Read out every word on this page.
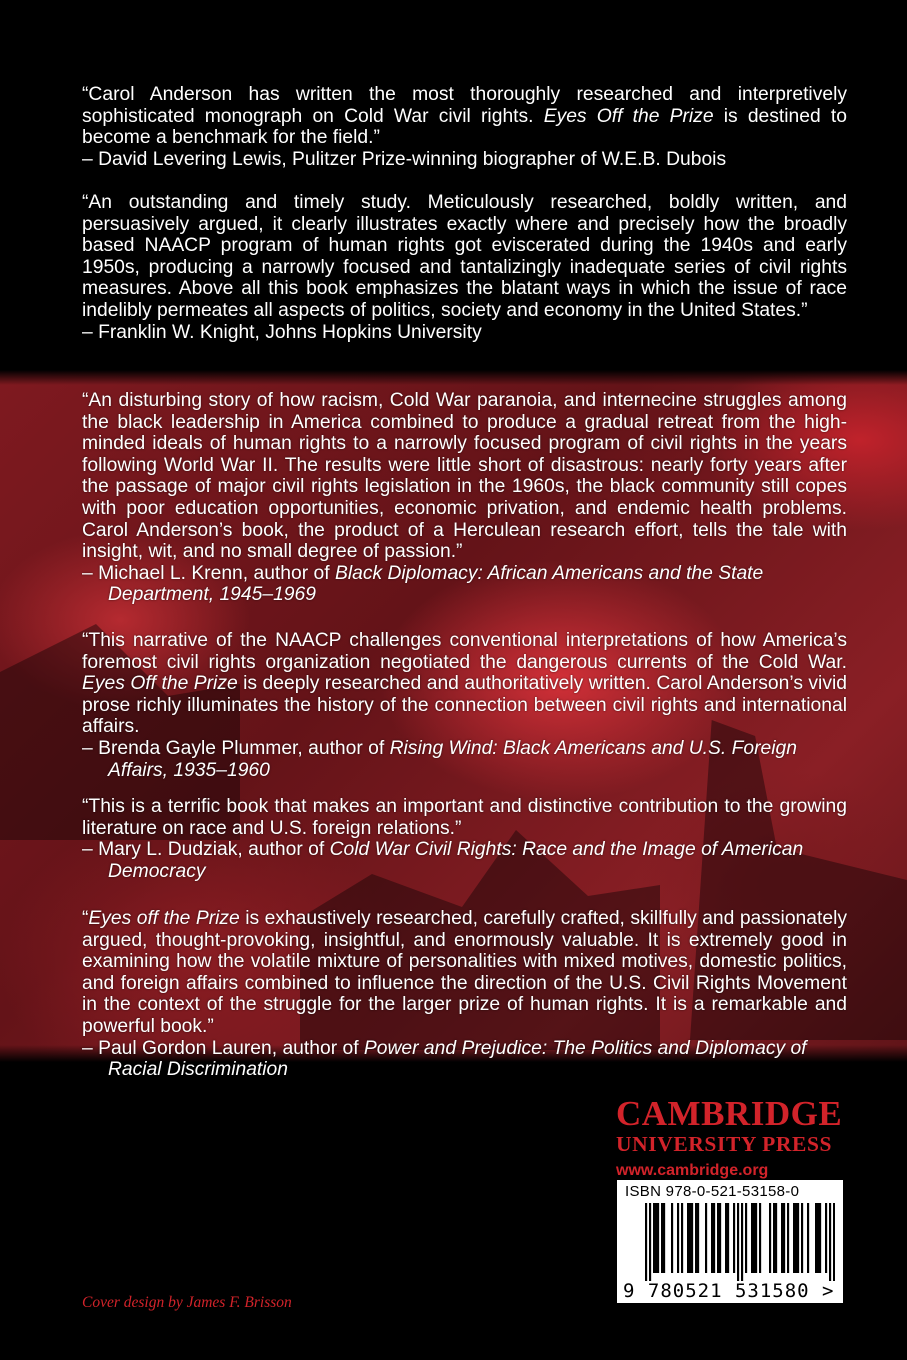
“Carol Anderson has written the most thoroughly researched and interpretively sophisticated monograph on Cold War civil rights. Eyes Off the Prize is destined to become a benchmark for the field.”

– David Levering Lewis, Pulitzer Prize-winning biographer of W.E.B. Dubois

“An outstanding and timely study. Meticulously researched, boldly written, and persuasively argued, it clearly illustrates exactly where and precisely how the broadly based NAACP program of human rights got eviscerated during the 1940s and early 1950s, producing a narrowly focused and tantalizingly inadequate series of civil rights measures. Above all this book emphasizes the blatant ways in which the issue of race indelibly permeates all aspects of politics, society and economy in the United States.”

– Franklin W. Knight, Johns Hopkins University

“An disturbing story of how racism, Cold War paranoia, and internecine struggles among the black leadership in America combined to produce a gradual retreat from the high-minded ideals of human rights to a narrowly focused program of civil rights in the years following World War II. The results were little short of disastrous: nearly forty years after the passage of major civil rights legislation in the 1960s, the black community still copes with poor education opportunities, economic privation, and endemic health problems. Carol Anderson’s book, the product of a Herculean research effort, tells the tale with insight, wit, and no small degree of passion.”

– Michael L. Krenn, author of Black Diplomacy: African Americans and the State Department, 1945–1969

“This narrative of the NAACP challenges conventional interpretations of how America’s foremost civil rights organization negotiated the dangerous currents of the Cold War. Eyes Off the Prize is deeply researched and authoritatively written. Carol Anderson’s vivid prose richly illuminates the history of the connection between civil rights and international affairs.

– Brenda Gayle Plummer, author of Rising Wind: Black Americans and U.S. Foreign Affairs, 1935–1960

“This is a terrific book that makes an important and distinctive contribution to the growing literature on race and U.S. foreign relations.”

– Mary L. Dudziak, author of Cold War Civil Rights: Race and the Image of American Democracy

“Eyes off the Prize is exhaustively researched, carefully crafted, skillfully and passionately argued, thought-provoking, insightful, and enormously valuable. It is extremely good in examining how the volatile mixture of personalities with mixed motives, domestic politics, and foreign affairs combined to influence the direction of the U.S. Civil Rights Movement in the context of the struggle for the larger prize of human rights. It is a remarkable and powerful book.”

– Paul Gordon Lauren, author of Power and Prejudice: The Politics and Diplomacy of Racial Discrimination

CAMBRIDGE
UNIVERSITY PRESS
www.cambridge.org
ISBN 978-0-521-53158-0
9 780521 531580 >
Cover design by James F. Brisson
